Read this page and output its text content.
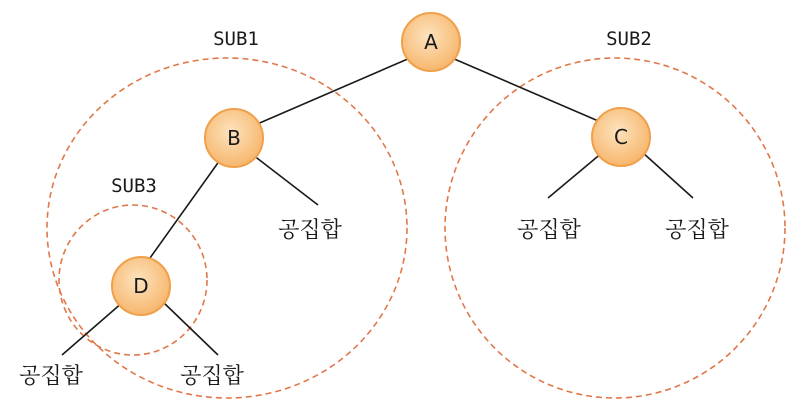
A
B	C
D
공집합	공집합	공집합
공집합	공집합
SUB1	SUB2
SUB3
